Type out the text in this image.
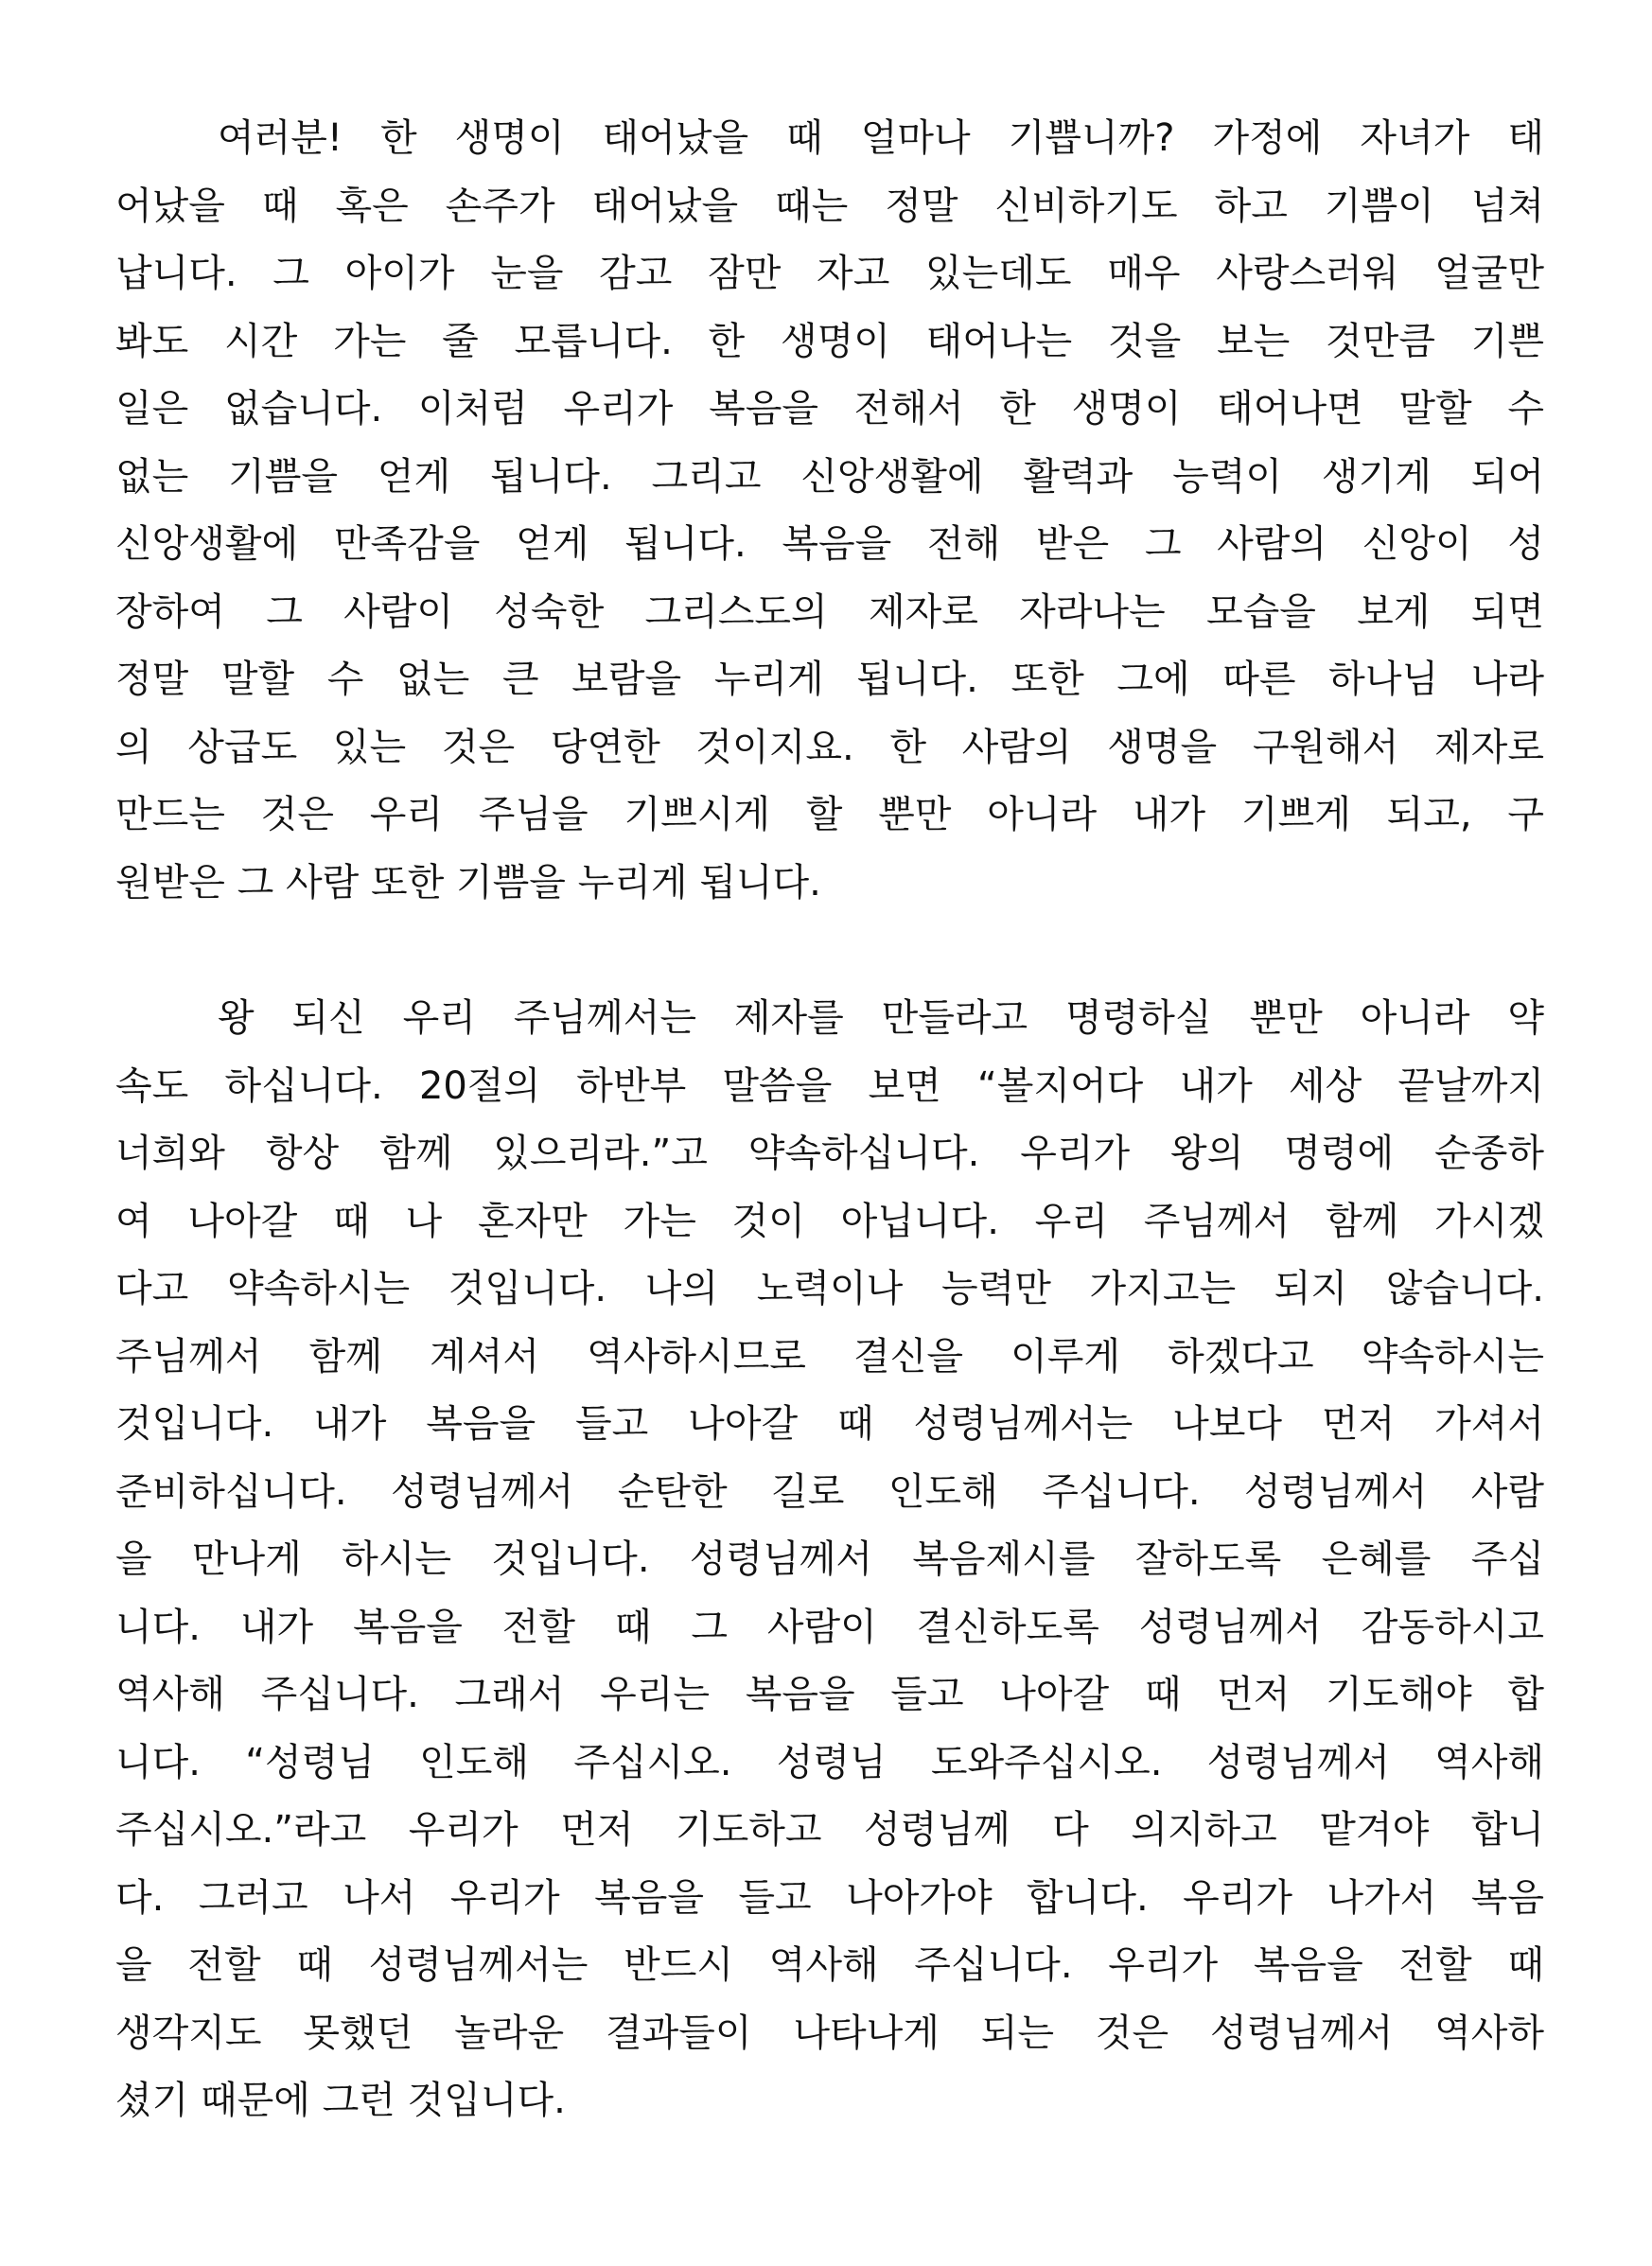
여러분! 한 생명이 태어났을 때 얼마나 기쁩니까? 가정에 자녀가 태
어났을 때 혹은 손주가 태어났을 때는 정말 신비하기도 하고 기쁨이 넘쳐
납니다. 그 아이가 눈을 감고 잠만 자고 있는데도 매우 사랑스러워 얼굴만
봐도 시간 가는 줄 모릅니다. 한 생명이 태어나는 것을 보는 것만큼 기쁜
일은 없습니다. 이처럼 우리가 복음을 전해서 한 생명이 태어나면 말할 수
없는 기쁨을 얻게 됩니다. 그리고 신앙생활에 활력과 능력이 생기게 되어
신앙생활에 만족감을 얻게 됩니다. 복음을 전해 받은 그 사람의 신앙이 성
장하여 그 사람이 성숙한 그리스도의 제자로 자라나는 모습을 보게 되면
정말 말할 수 없는 큰 보람을 누리게 됩니다. 또한 그에 따른 하나님 나라
의 상급도 있는 것은 당연한 것이지요. 한 사람의 생명을 구원해서 제자로
만드는 것은 우리 주님을 기쁘시게 할 뿐만 아니라 내가 기쁘게 되고, 구
원받은 그 사람 또한 기쁨을 누리게 됩니다.
왕 되신 우리 주님께서는 제자를 만들라고 명령하실 뿐만 아니라 약
속도 하십니다. 20절의 하반부 말씀을 보면 “볼지어다 내가 세상 끝날까지
너희와 항상 함께 있으리라.”고 약속하십니다. 우리가 왕의 명령에 순종하
여 나아갈 때 나 혼자만 가는 것이 아닙니다. 우리 주님께서 함께 가시겠
다고 약속하시는 것입니다. 나의 노력이나 능력만 가지고는 되지 않습니다.
주님께서 함께 계셔서 역사하시므로 결신을 이루게 하겠다고 약속하시는
것입니다. 내가 복음을 들고 나아갈 때 성령님께서는 나보다 먼저 가셔서
준비하십니다. 성령님께서 순탄한 길로 인도해 주십니다. 성령님께서 사람
을 만나게 하시는 것입니다. 성령님께서 복음제시를 잘하도록 은혜를 주십
니다. 내가 복음을 전할 때 그 사람이 결신하도록 성령님께서 감동하시고
역사해 주십니다. 그래서 우리는 복음을 들고 나아갈 때 먼저 기도해야 합
니다. “성령님 인도해 주십시오. 성령님 도와주십시오. 성령님께서 역사해
주십시오.”라고 우리가 먼저 기도하고 성령님께 다 의지하고 맡겨야 합니
다. 그러고 나서 우리가 복음을 들고 나아가야 합니다. 우리가 나가서 복음
을 전할 때 성령님께서는 반드시 역사해 주십니다. 우리가 복음을 전할 때
생각지도 못했던 놀라운 결과들이 나타나게 되는 것은 성령님께서 역사하
셨기 때문에 그런 것입니다.
